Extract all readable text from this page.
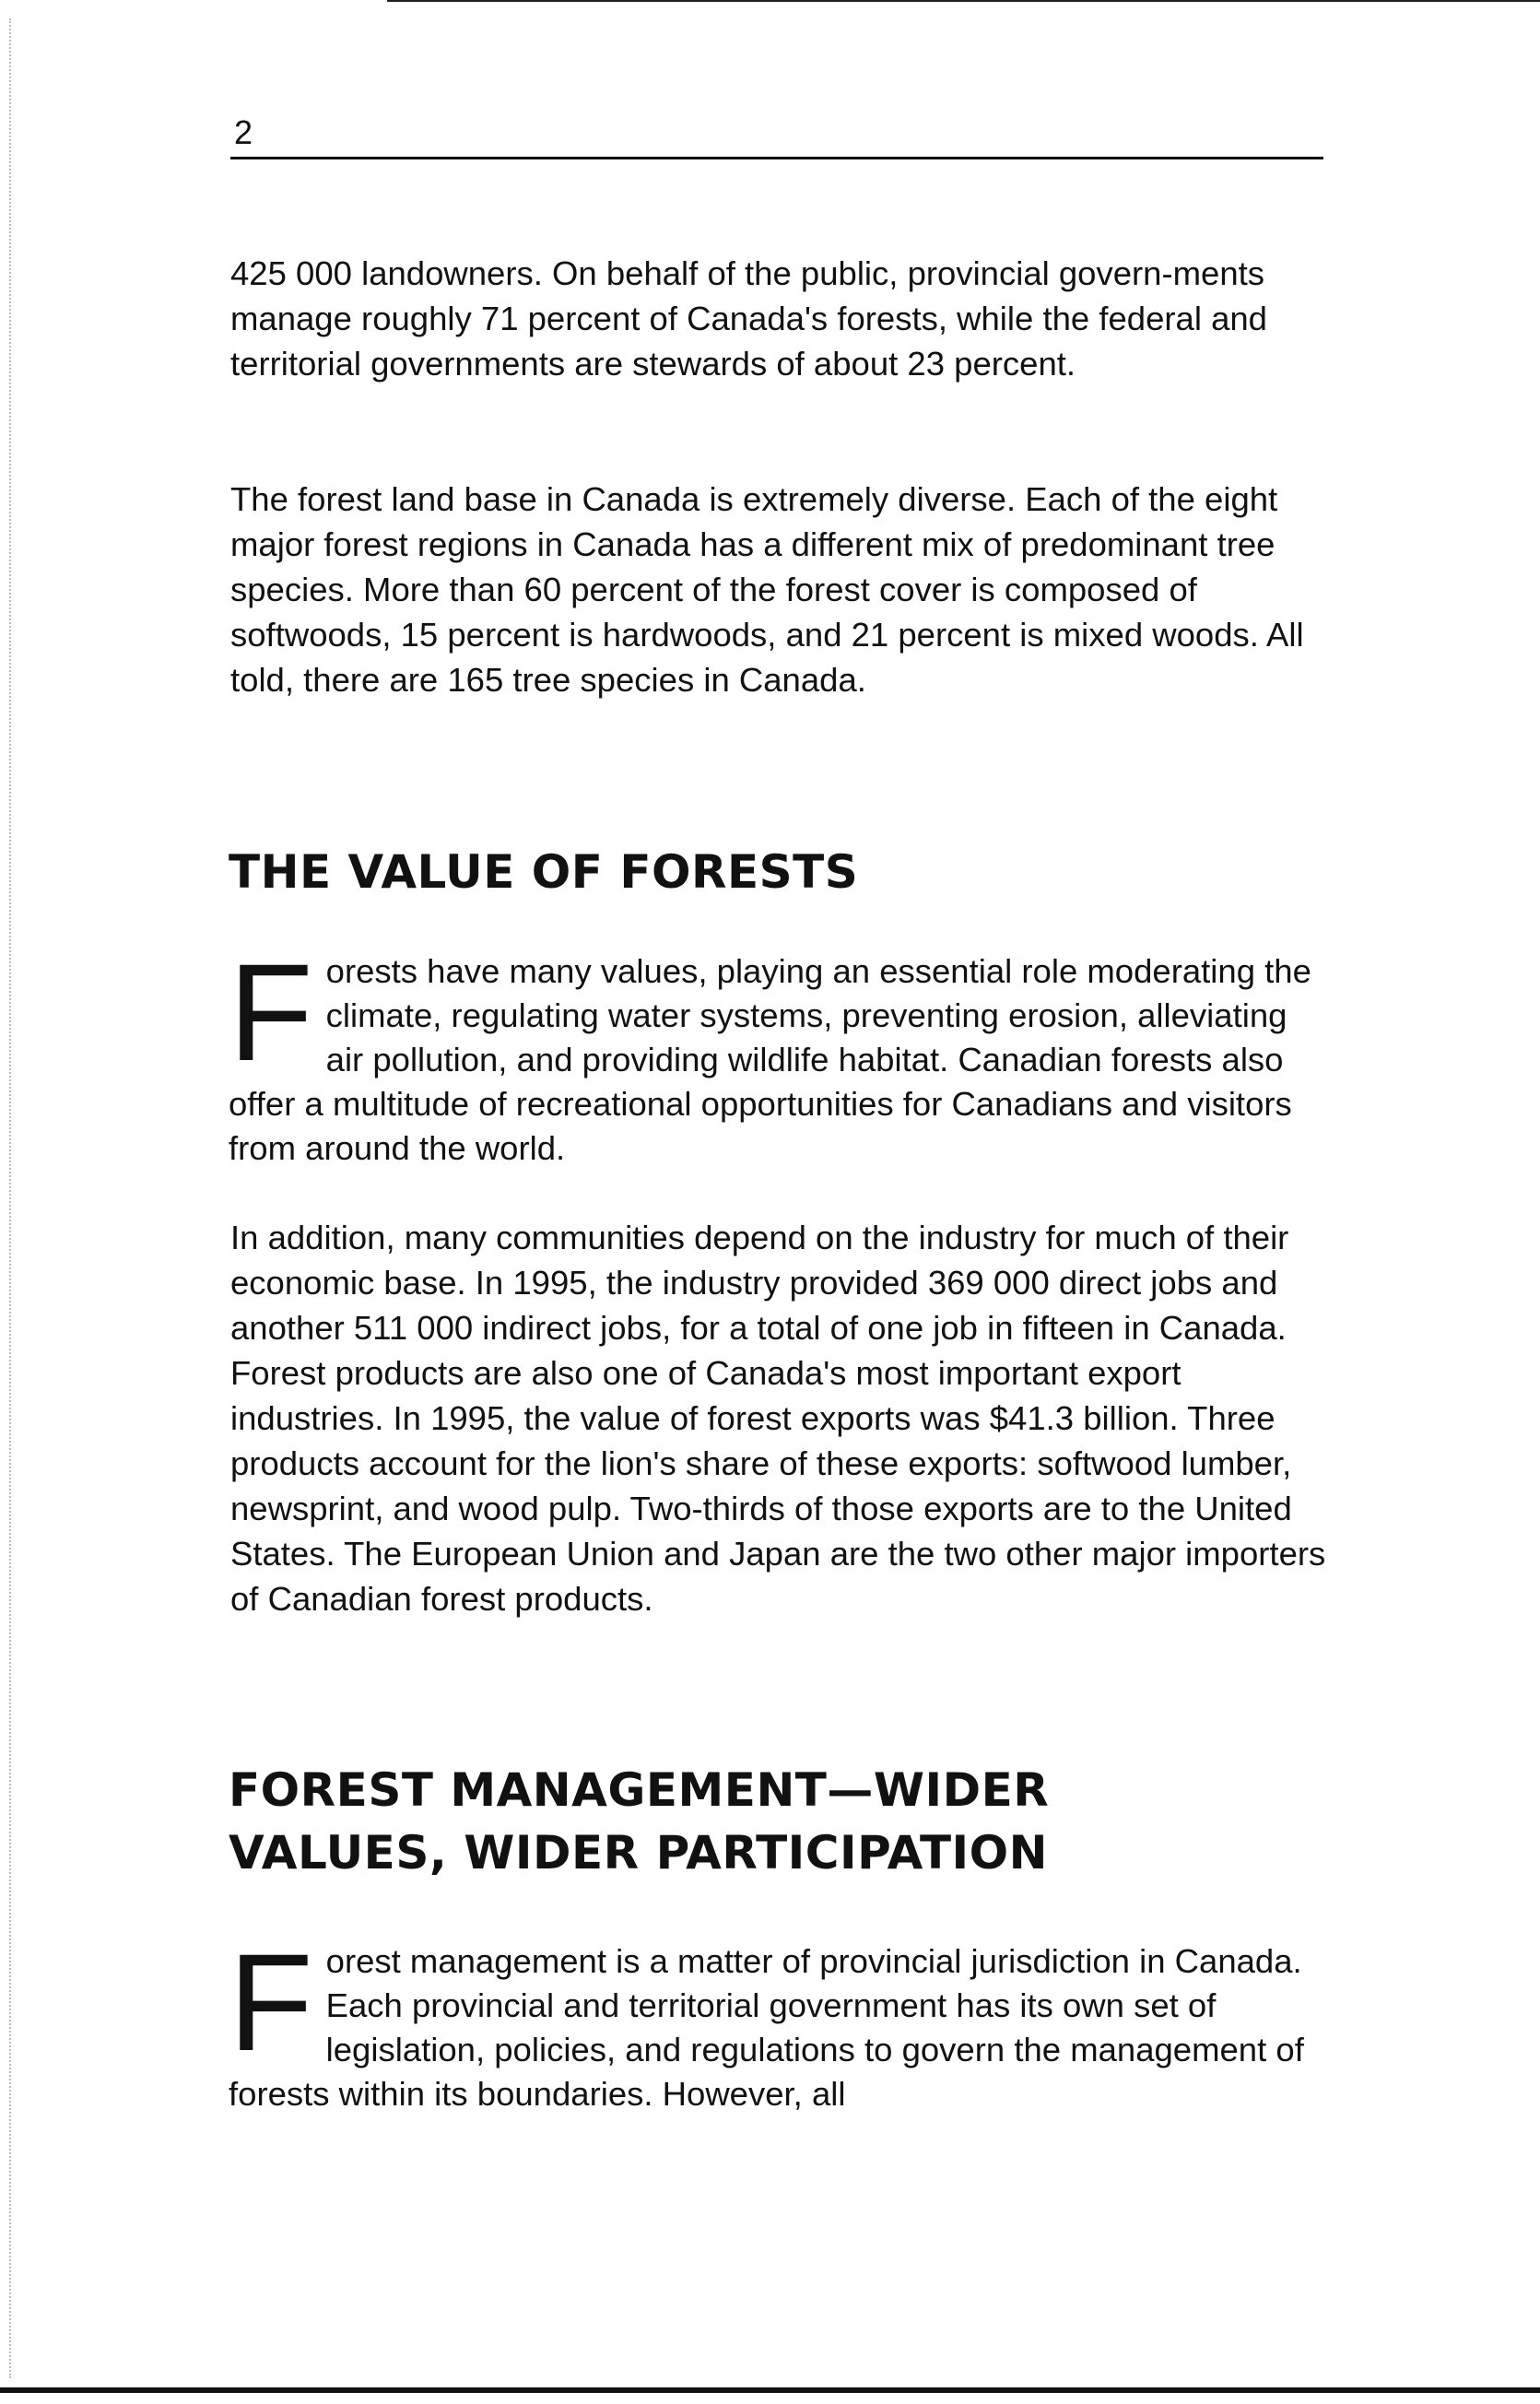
2

425 000 landowners. On behalf of the public, provincial govern-ments manage roughly 71 percent of Canada's forests, while the federal and territorial governments are stewards of about 23 percent.

The forest land base in Canada is extremely diverse. Each of the eight major forest regions in Canada has a different mix of predominant tree species. More than 60 percent of the forest cover is composed of softwoods, 15 percent is hardwoods, and 21 percent is mixed woods. All told, there are 165 tree species in Canada.

THE VALUE OF FORESTS
Forests have many values, playing an essential role moderating the climate, regulating water systems, preventing erosion, alleviating air pollution, and providing wildlife habitat. Canadian forests also offer a multitude of recreational opportunities for Canadians and visitors from around the world.

In addition, many communities depend on the industry for much of their economic base. In 1995, the industry provided 369 000 direct jobs and another 511 000 indirect jobs, for a total of one job in fifteen in Canada. Forest products are also one of Canada's most important export industries. In 1995, the value of forest exports was $41.3 billion. Three products account for the lion's share of these exports: softwood lumber, newsprint, and wood pulp. Two-thirds of those exports are to the United States. The European Union and Japan are the two other major importers of Canadian forest products.

FOREST MANAGEMENT—WIDER
VALUES, WIDER PARTICIPATION
Forest management is a matter of provincial jurisdiction in Canada. Each provincial and territorial government has its own set of legislation, policies, and regulations to govern the management of forests within its boundaries. However, all
